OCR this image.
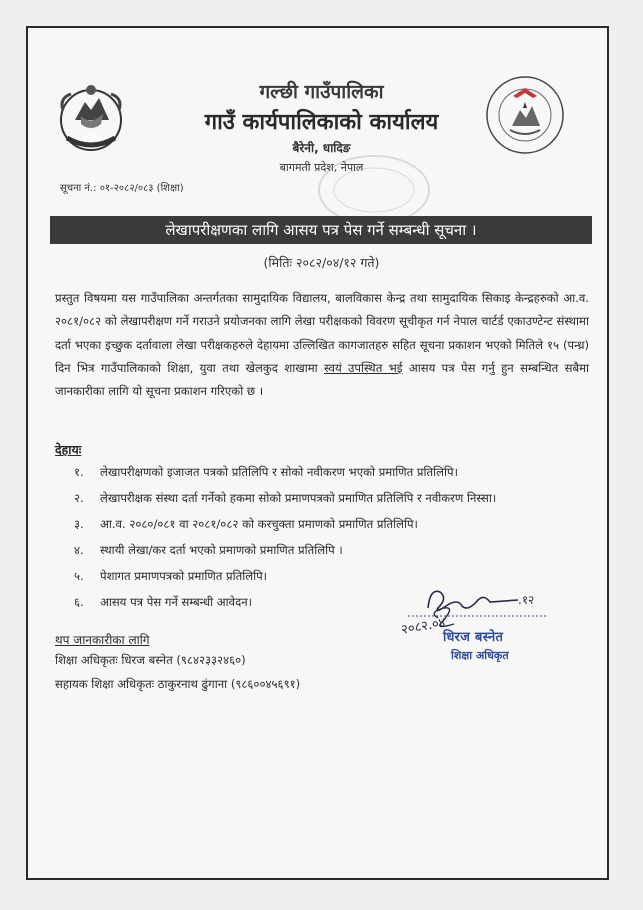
गल्छी गाउँपालिका
गाउँ कार्यपालिकाको कार्यालय
बैरेनी, धादिङ
बागमती प्रदेश, नेपाल
सूचना नं.: ०१-२०८२/०८३ (शिक्षा)
लेखापरीक्षणका लागि आसय पत्र पेस गर्ने सम्बन्धी सूचना ।
(मितिः २०८२/०४/१२ गते)
प्रस्तुत विषयमा यस गाउँपालिका अन्तर्गतका सामुदायिक विद्यालय, बालविकास केन्द्र तथा सामुदायिक सिकाइ केन्द्रहरुको आ.व. २०८१/०८२ को लेखापरीक्षण गर्ने गराउने प्रयोजनका लागि लेखा परीक्षकको विवरण सूचीकृत गर्न नेपाल चार्टर्ड एकाउण्टेन्ट संस्थामा दर्ता भएका इच्छुक दर्तावाला लेखा परीक्षकहरुले देहायमा उल्लिखित कागजातहरु सहित सूचना प्रकाशन भएको मितिले १५ (पन्ध्र) दिन भित्र गाउँपालिकाको शिक्षा, युवा तथा खेलकुद शाखामा स्वयं उपस्थित भई आसय पत्र पेस गर्नु हुन सम्बन्धित सबैमा जानकारीका लागि यो सूचना प्रकाशन गरिएको छ ।
देहायः
१. लेखापरीक्षणको इजाजत पत्रको प्रतिलिपि र सोको नवीकरण भएको प्रमाणित प्रतिलिपि।
२. लेखापरीक्षक संस्था दर्ता गर्नेको हकमा सोको प्रमाणपत्रको प्रमाणित प्रतिलिपि र नवीकरण निस्सा।
३. आ.व. २०८०/०८१ वा २०८१/०८२ को करचुक्ता प्रमाणको प्रमाणित प्रतिलिपि।
४. स्थायी लेखा/कर दर्ता भएको प्रमाणको प्रमाणित प्रतिलिपि ।
५. पेशागत प्रमाणपत्रको प्रमाणित प्रतिलिपि।
६. आसय पत्र पेस गर्ने सम्बन्धी आवेदन।
२०८२.०४
.१२
धिरज बस्नेत
शिक्षा अधिकृत
थप जानकारीका लागि
शिक्षा अधिकृतः धिरज बस्नेत (९८४२३३२४६०)
सहायक शिक्षा अधिकृतः ठाकुरनाथ ढुंगाना (९८६००४५६९१)
